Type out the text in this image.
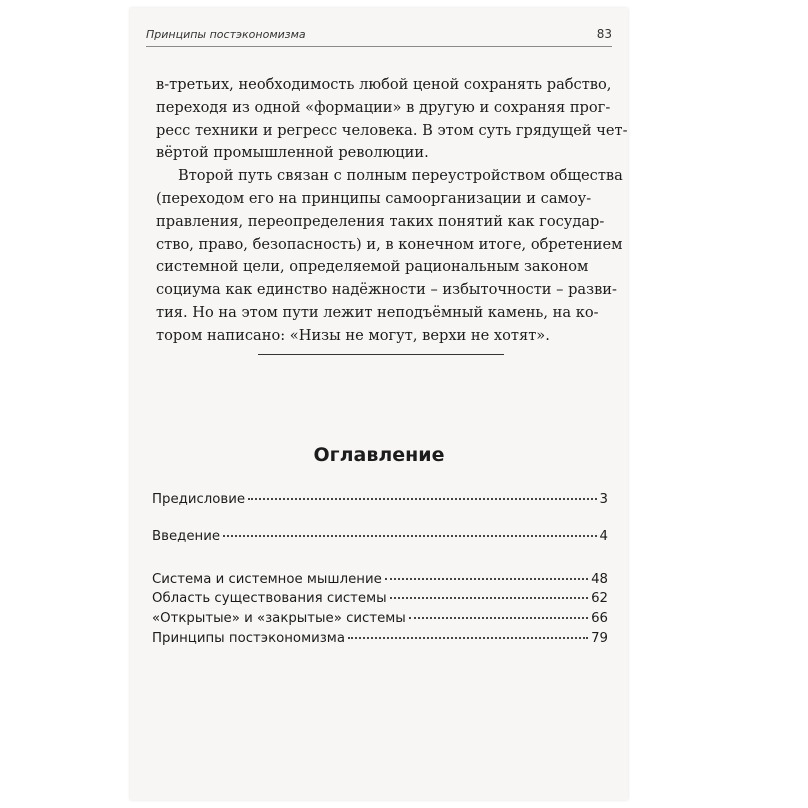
Принципы постэкономизма	83

в-третьих, необходимость любой ценой сохранять рабство,
переходя из одной «формации» в другую и сохраняя прог-
ресс техники и регресс человека. В этом суть грядущей чет-
вёртой промышленной революции.

Второй путь связан с полным переустройством общества
(переходом его на принципы самоорганизации и самоу-
правления, переопределения таких понятий как государ-
ство, право, безопасность) и, в конечном итоге, обретением
системной цели, определяемой рациональным законом
социума как единство надёжности – избыточности – разви-
тия. Но на этом пути лежит неподъёмный камень, на ко-
тором написано: «Низы не могут, верхи не хотят».

Оглавление
Предисловие	3
Введение	4
Система и системное мышление	48
Область существования системы	62
«Открытые» и «закрытые» системы	66
Принципы постэкономизма	79
